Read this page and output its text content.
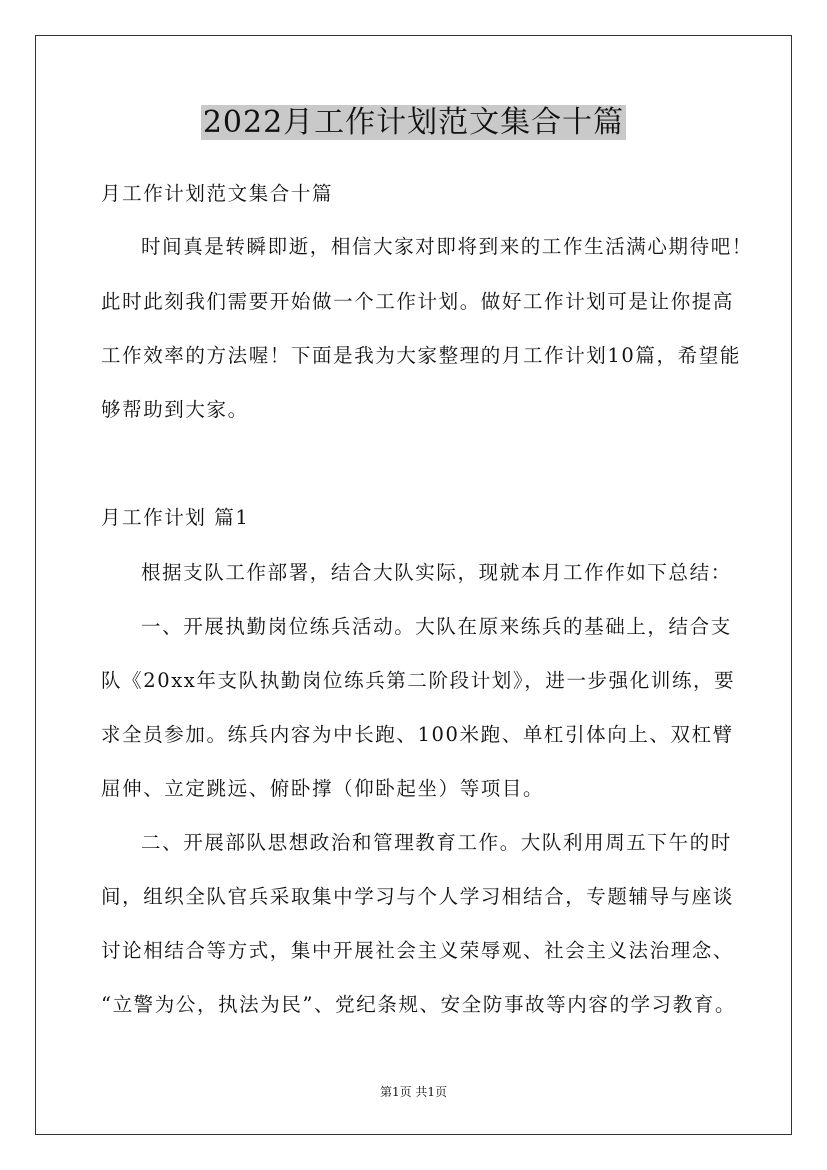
2022月工作计划范文集合十篇
月工作计划范文集合十篇
时间真是转瞬即逝，相信大家对即将到来的工作生活满心期待吧！
此时此刻我们需要开始做一个工作计划。做好工作计划可是让你提高
工作效率的方法喔！下面是我为大家整理的月工作计划10篇，希望能
够帮助到大家。
月工作计划 篇1
根据支队工作部署，结合大队实际，现就本月工作作如下总结：
一、开展执勤岗位练兵活动。大队在原来练兵的基础上，结合支
队《20xx年支队执勤岗位练兵第二阶段计划》，进一步强化训练，要
求全员参加。练兵内容为中长跑、100米跑、单杠引体向上、双杠臂
屈伸、立定跳远、俯卧撑（仰卧起坐）等项目。
二、开展部队思想政治和管理教育工作。大队利用周五下午的时
间，组织全队官兵采取集中学习与个人学习相结合，专题辅导与座谈
讨论相结合等方式，集中开展社会主义荣辱观、社会主义法治理念、
“立警为公，执法为民”、党纪条规、安全防事故等内容的学习教育。
第1页 共1页
